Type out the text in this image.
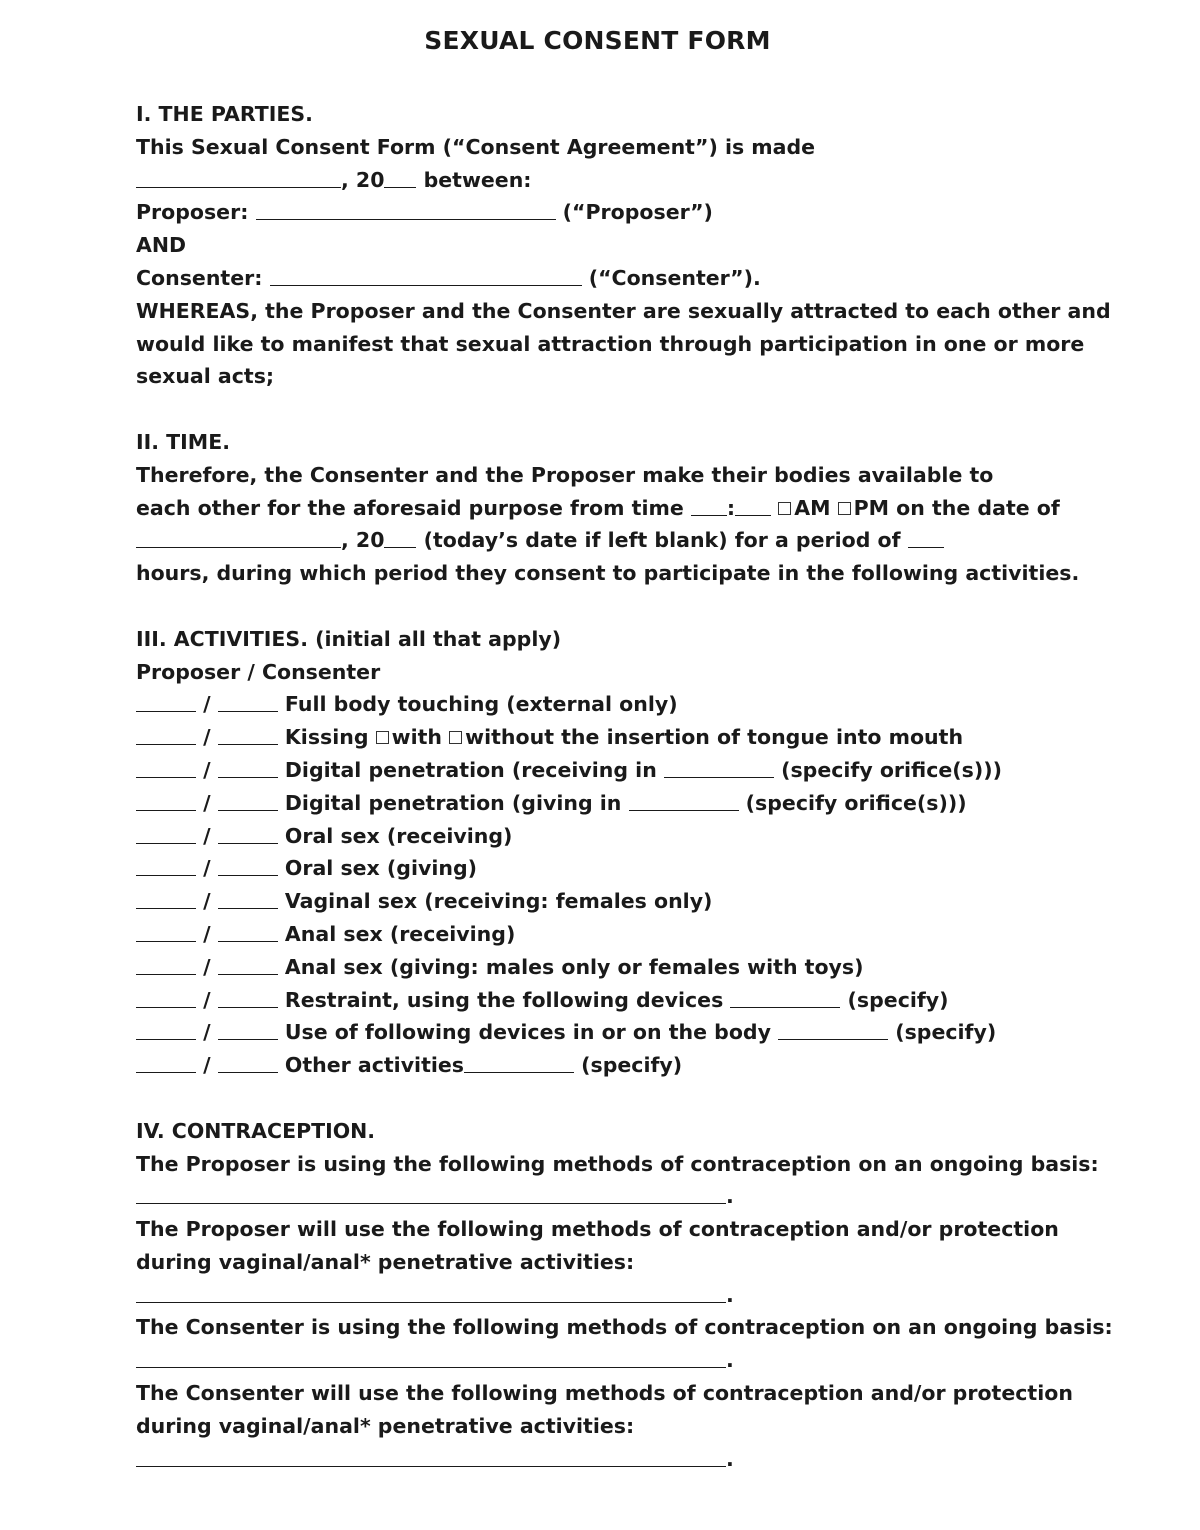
SEXUAL CONSENT FORM
I. THE PARTIES.
This Sexual Consent Form (“Consent Agreement”) is made
, 20 between:
Proposer:	(“Proposer”)
AND
Consenter:	(“Consenter”).
WHEREAS, the Proposer and the Consenter are sexually attracted to each other and would like to manifest that sexual attraction through participation in one or more sexual acts;
II. TIME.
Therefore, the Consenter and the Proposer make their bodies available to
each other for the aforesaid purpose from time :	AM PM on the date of
, 20 (today’s date if left blank) for a period of
hours, during which period they consent to participate in the following activities.
III. ACTIVITIES. (initial all that apply)
Proposer / Consenter
/	Full body touching (external only)
/	Kissing with without the insertion of tongue into mouth
/	Digital penetration (receiving in	(specify orifice(s)))
/	Digital penetration (giving in	(specify orifice(s)))
/	Oral sex (receiving)
/	Oral sex (giving)
/	Vaginal sex (receiving: females only)
/	Anal sex (receiving)
/	Anal sex (giving: males only or females with toys)
/	Restraint, using the following devices	(specify)
/	Use of following devices in or on the body	(specify)
/	Other activities	(specify)
IV. CONTRACEPTION.
The Proposer is using the following methods of contraception on an ongoing basis:
.
The Proposer will use the following methods of contraception and/or protection during vaginal/anal* penetrative activities:
.
The Consenter is using the following methods of contraception on an ongoing basis:
.
The Consenter will use the following methods of contraception and/or protection during vaginal/anal* penetrative activities:
.
